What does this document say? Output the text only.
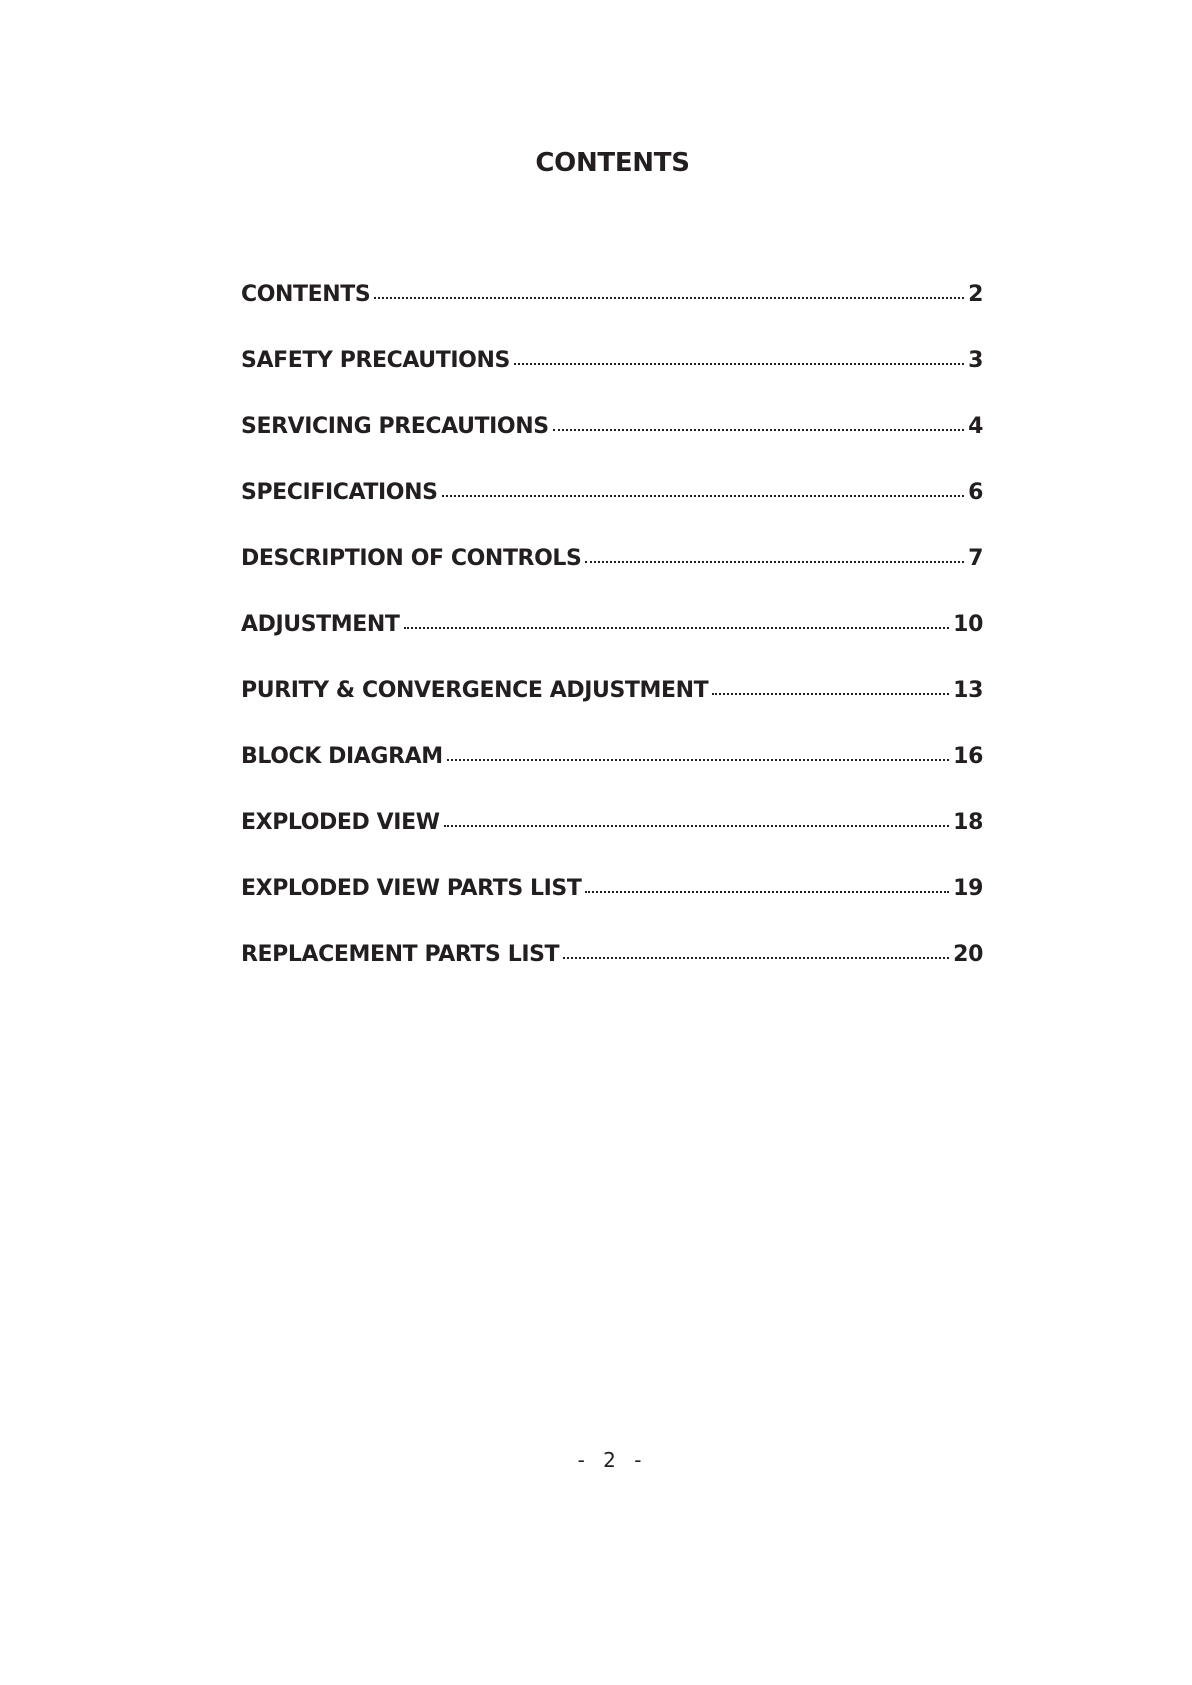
CONTENTS
CONTENTS	2
SAFETY PRECAUTIONS	3
SERVICING PRECAUTIONS	4
SPECIFICATIONS	6
DESCRIPTION OF CONTROLS	7
ADJUSTMENT	10
PURITY & CONVERGENCE ADJUSTMENT	13
BLOCK DIAGRAM	16
EXPLODED VIEW	18
EXPLODED VIEW PARTS LIST	19
REPLACEMENT PARTS LIST	20
- 2 -
